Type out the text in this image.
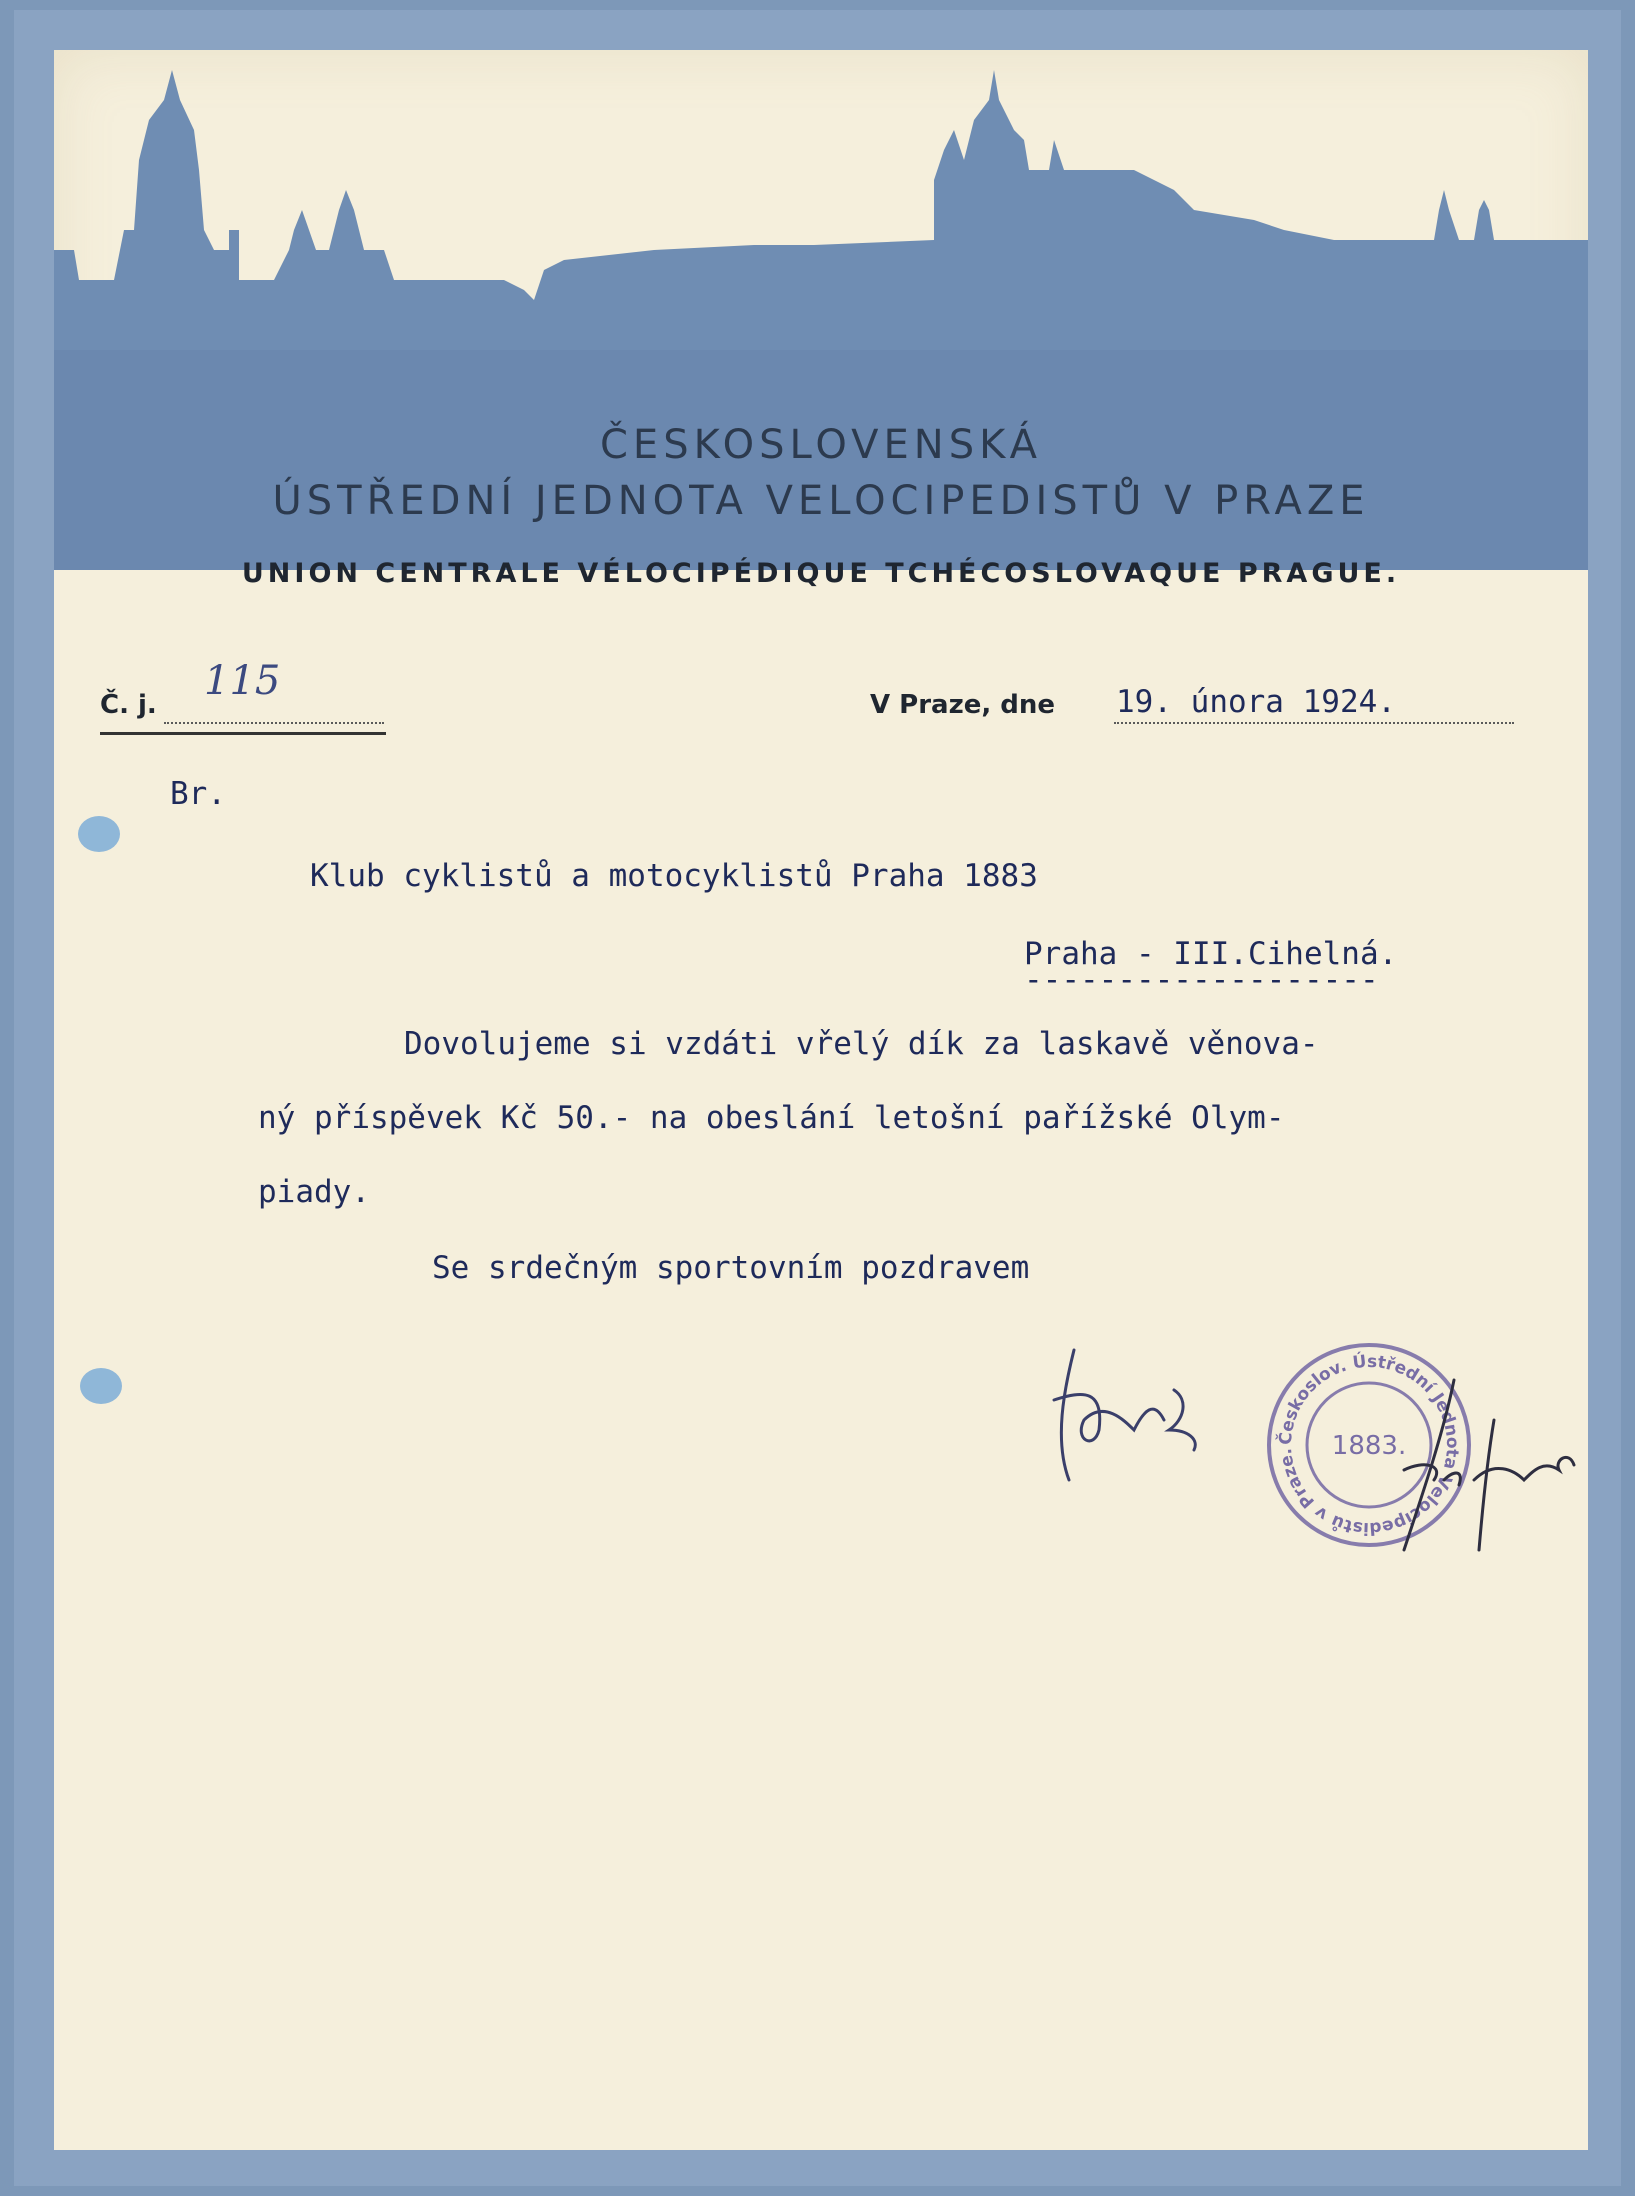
ČESKOSLOVENSKÁ
ÚSTŘEDNÍ JEDNOTA VELOCIPEDISTŮ V PRAZE
UNION CENTRALE VÉLOCIPÉDIQUE TCHÉCOSLOVAQUE PRAGUE.
Č. j.
115
V Praze, dne 19. února 1924.
Br.
Klub cyklistů a motocyklistů Praha 1883
Praha - III.Cihelná.
-------------------
Dovolujeme si vzdáti vřelý dík za laskavě věnova-
ný příspěvek Kč 50.- na obeslání letošní pařížské Olym-
piady.
Se srdečným sportovním pozdravem
Českoslov. Ústřední Jednota Velocipedistů v Praze.	1883.
